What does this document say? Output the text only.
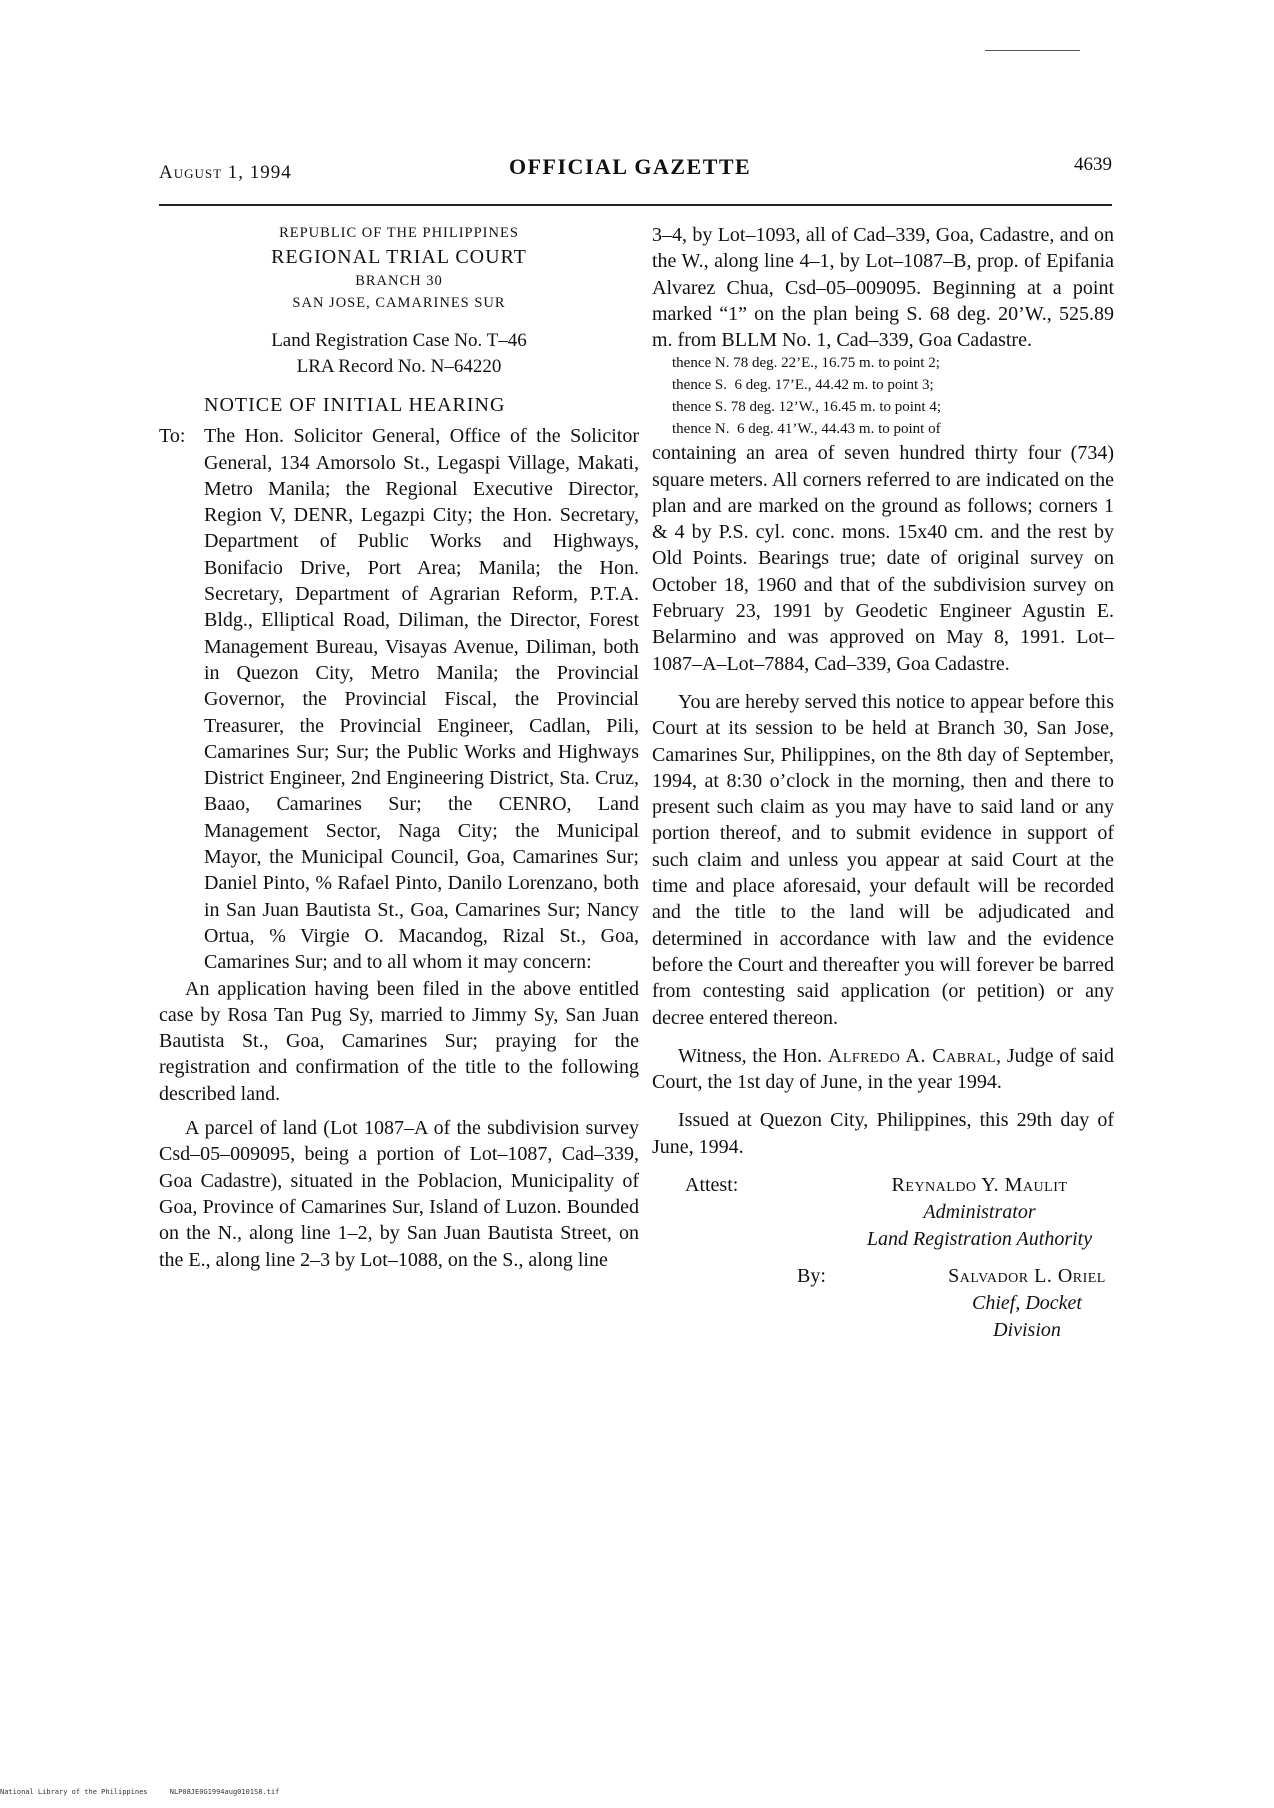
August 1, 1994	OFFICIAL GAZETTE	4639
REPUBLIC OF THE PHILIPPINES
REGIONAL TRIAL COURT
BRANCH 30
SAN JOSE, CAMARINES SUR
Land Registration Case No. T–46
LRA Record No. N–64220
NOTICE OF INITIAL HEARING
To: The Hon. Solicitor General, Office of the Solicitor General, 134 Amorsolo St., Legaspi Village, Makati, Metro Manila; the Regional Executive Director, Region V, DENR, Legazpi City; the Hon. Secretary, Department of Public Works and Highways, Bonifacio Drive, Port Area; Manila; the Hon. Secretary, Department of Agrarian Reform, P.T.A. Bldg., Elliptical Road, Diliman, the Director, Forest Management Bureau, Visayas Avenue, Diliman, both in Quezon City, Metro Manila; the Provincial Governor, the Provincial Fiscal, the Provincial Treasurer, the Provincial Engineer, Cadlan, Pili, Camarines Sur; Sur; the Public Works and Highways District Engineer, 2nd Engineering District, Sta. Cruz, Baao, Camarines Sur; the CENRO, Land Management Sector, Naga City; the Municipal Mayor, the Municipal Council, Goa, Camarines Sur; Daniel Pinto, % Rafael Pinto, Danilo Lorenzano, both in San Juan Bautista St., Goa, Camarines Sur; Nancy Ortua, % Virgie O. Macandog, Rizal St., Goa, Camarines Sur; and to all whom it may concern:

An application having been filed in the above entitled case by Rosa Tan Pug Sy, married to Jimmy Sy, San Juan Bautista St., Goa, Camarines Sur; praying for the registration and confirmation of the title to the following described land.

A parcel of land (Lot 1087–A of the subdivision survey Csd–05–009095, being a portion of Lot–1087, Cad–339, Goa Cadastre), situated in the Poblacion, Municipality of Goa, Province of Camarines Sur, Island of Luzon. Bounded on the N., along line 1–2, by San Juan Bautista Street, on the E., along line 2–3 by Lot–1088, on the S., along line

3–4, by Lot–1093, all of Cad–339, Goa, Cadastre, and on the W., along line 4–1, by Lot–1087–B, prop. of Epifania Alvarez Chua, Csd–05–009095. Beginning at a point marked “1” on the plan being S. 68 deg. 20’W., 525.89 m. from BLLM No. 1, Cad–339, Goa Cadastre.

thence N. 78 deg. 22’E., 16.75 m. to point 2;
thence S.  6 deg. 17’E., 44.42 m. to point 3;
thence S. 78 deg. 12’W., 16.45 m. to point 4;
thence N.  6 deg. 41’W., 44.43 m. to point of

containing an area of seven hundred thirty four (734) square meters. All corners referred to are indicated on the plan and are marked on the ground as follows; corners 1 & 4 by P.S. cyl. conc. mons. 15x40 cm. and the rest by Old Points. Bearings true; date of original survey on October 18, 1960 and that of the subdivision survey on February 23, 1991 by Geodetic Engineer Agustin E. Belarmino and was approved on May 8, 1991. Lot–1087–A–Lot–7884, Cad–339, Goa Cadastre.

You are hereby served this notice to appear before this Court at its session to be held at Branch 30, San Jose, Camarines Sur, Philippines, on the 8th day of September, 1994, at 8:30 o’clock in the morning, then and there to present such claim as you may have to said land or any portion thereof, and to submit evidence in support of such claim and unless you appear at said Court at the time and place aforesaid, your default will be recorded and the title to the land will be adjudicated and determined in accordance with law and the evidence before the Court and thereafter you will forever be barred from contesting said application (or petition) or any decree entered thereon.

Witness, the Hon. Alfredo A. Cabral, Judge of said Court, the 1st day of June, in the year 1994.

Issued at Quezon City, Philippines, this 29th day of June, 1994.

Attest:	Reynaldo Y. Maulit
Administrator
Land Registration Authority
By:	Salvador L. Oriel
Chief, Docket Division
National Library of the Philippines	NLP08JE0G1994aug0101S8.tif
